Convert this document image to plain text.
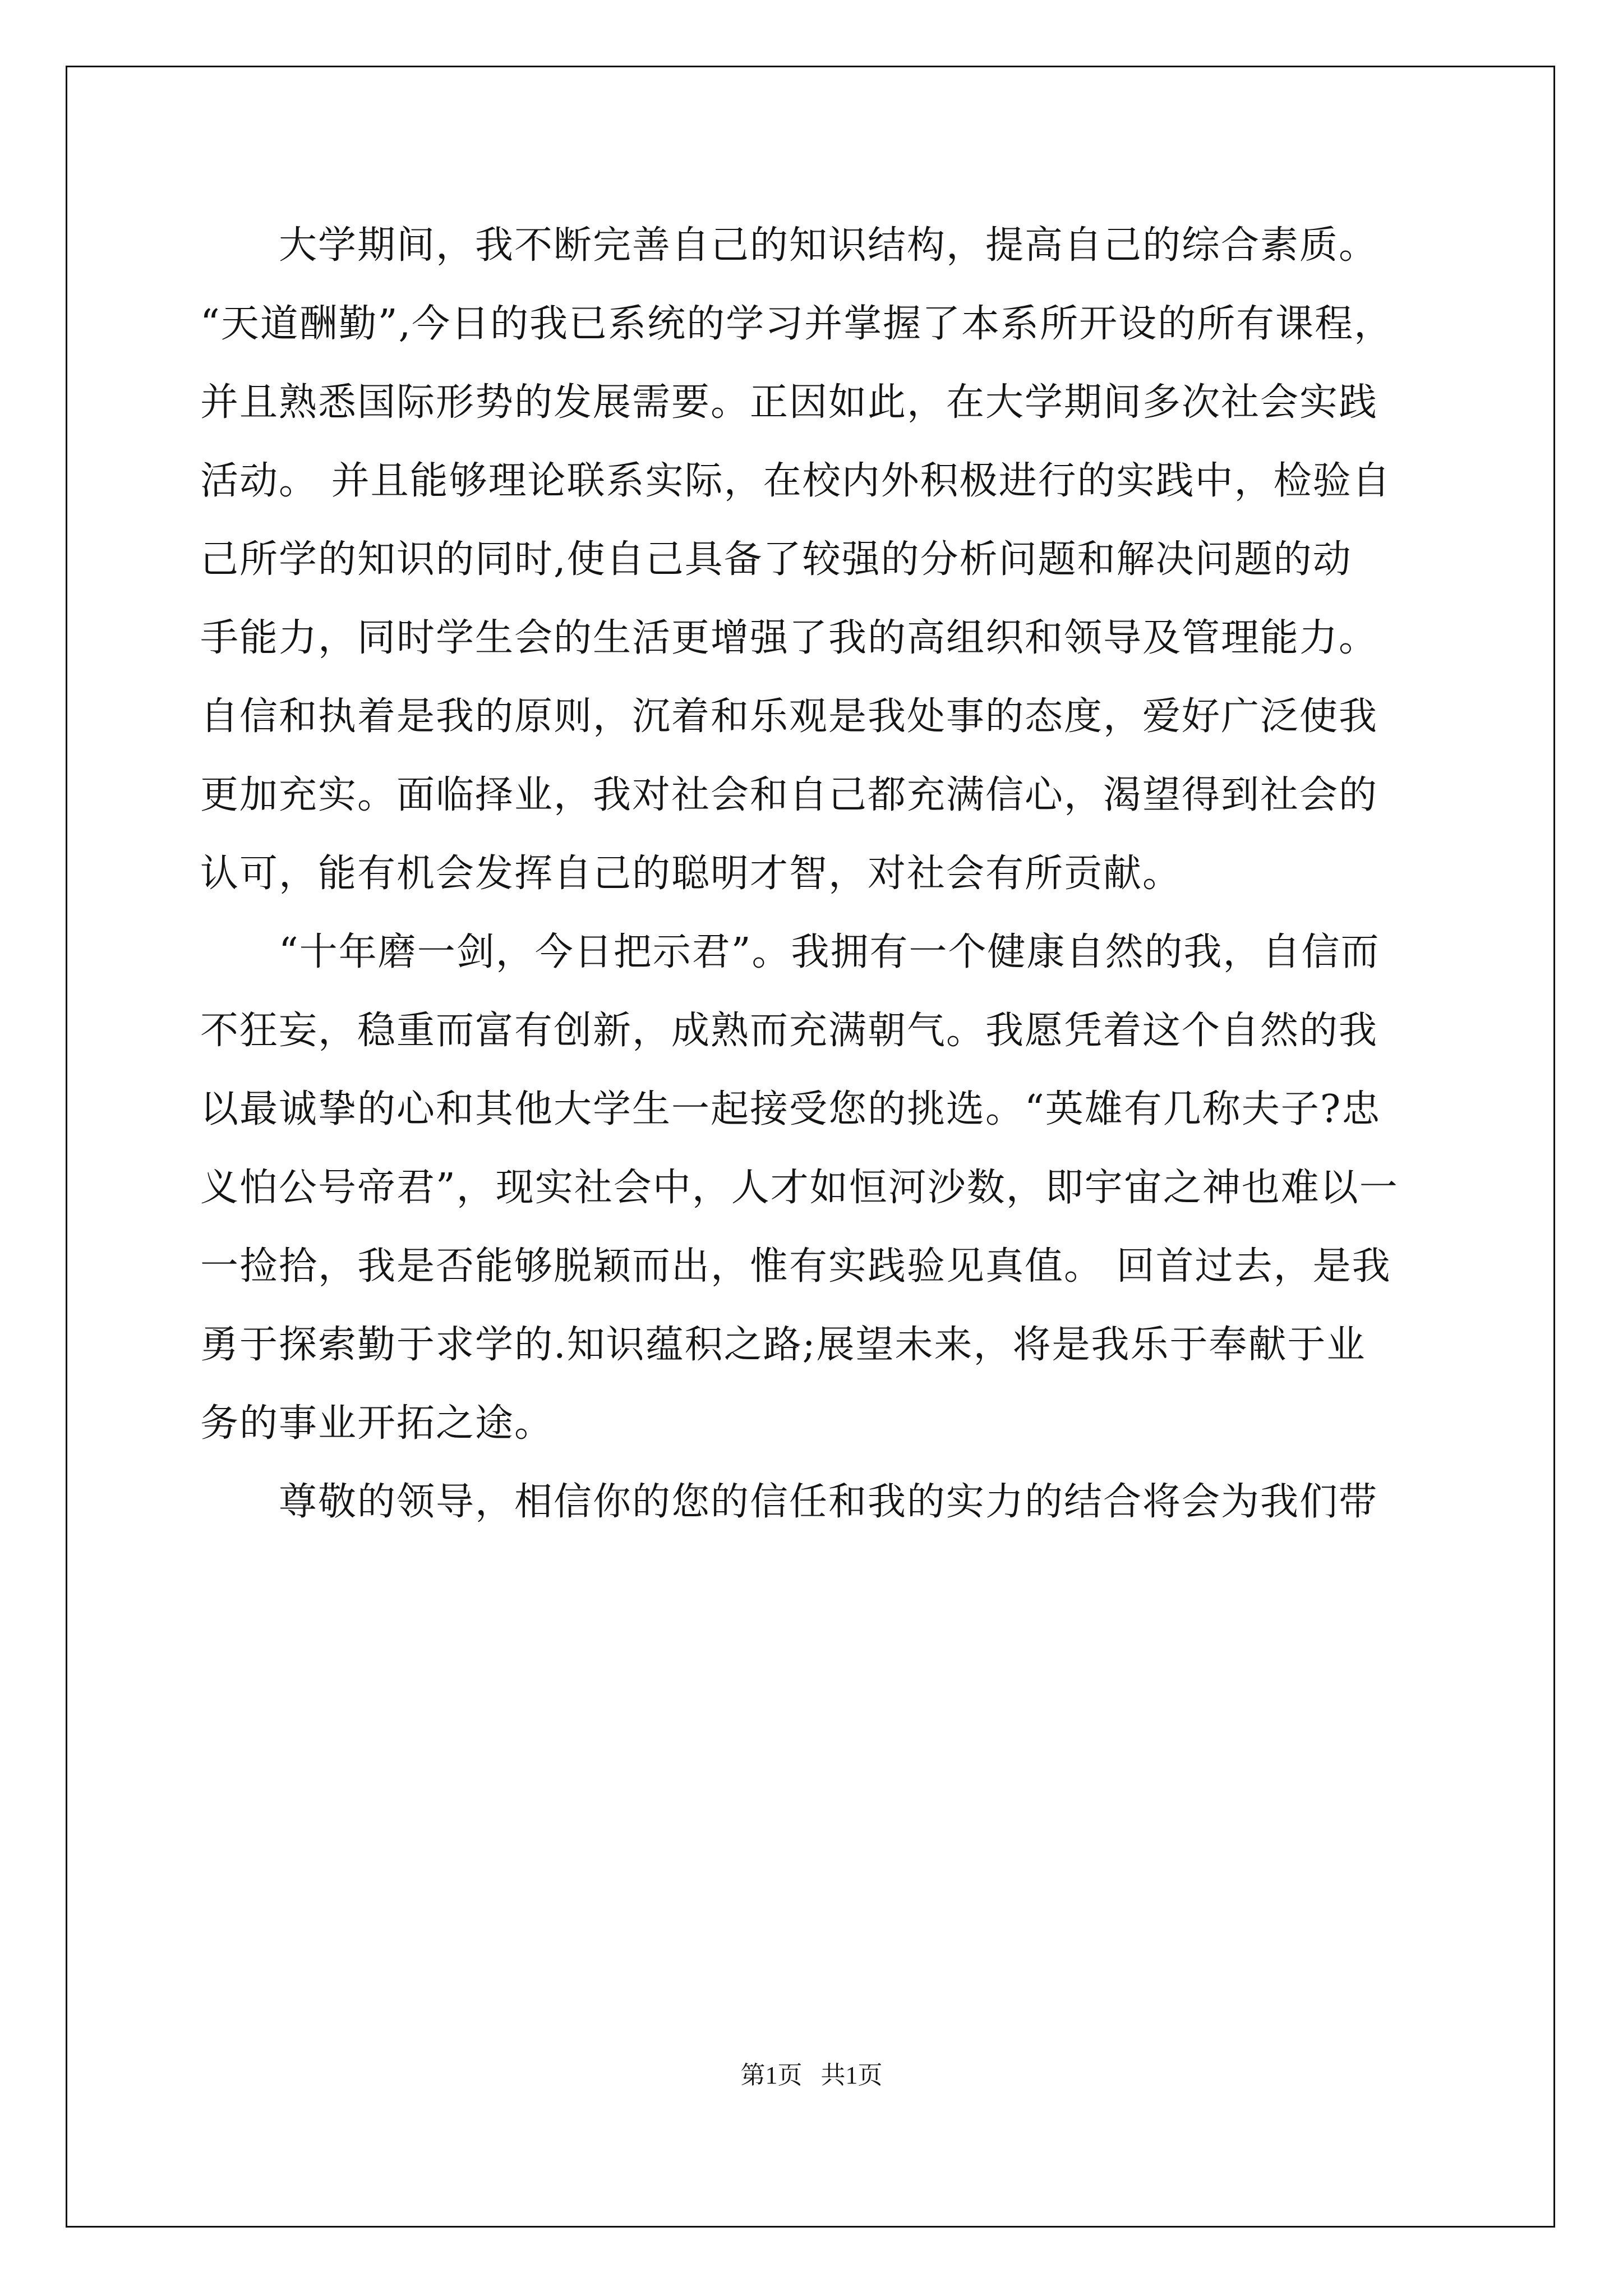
大学期间，我不断完善自己的知识结构，提高自己的综合素质。
“天道酬勤”,今日的我已系统的学习并掌握了本系所开设的所有课程，
并且熟悉国际形势的发展需要。正因如此，在大学期间多次社会实践
活动。 并且能够理论联系实际，在校内外积极进行的实践中，检验自
己所学的知识的同时,使自己具备了较强的分析问题和解决问题的动
手能力，同时学生会的生活更增强了我的高组织和领导及管理能力。
自信和执着是我的原则，沉着和乐观是我处事的态度，爱好广泛使我
更加充实。面临择业，我对社会和自己都充满信心，渴望得到社会的
认可，能有机会发挥自己的聪明才智，对社会有所贡献。
“十年磨一剑，今日把示君”。我拥有一个健康自然的我，自信而
不狂妄，稳重而富有创新，成熟而充满朝气。我愿凭着这个自然的我
以最诚挚的心和其他大学生一起接受您的挑选。“英雄有几称夫子?忠
义怕公号帝君”，现实社会中，人才如恒河沙数，即宇宙之神也难以一
一捡拾，我是否能够脱颖而出，惟有实践验见真值。 回首过去，是我
勇于探索勤于求学的.知识蕴积之路;展望未来，将是我乐于奉献于业
务的事业开拓之途。
尊敬的领导，相信你的您的信任和我的实力的结合将会为我们带
第1页   共1页
